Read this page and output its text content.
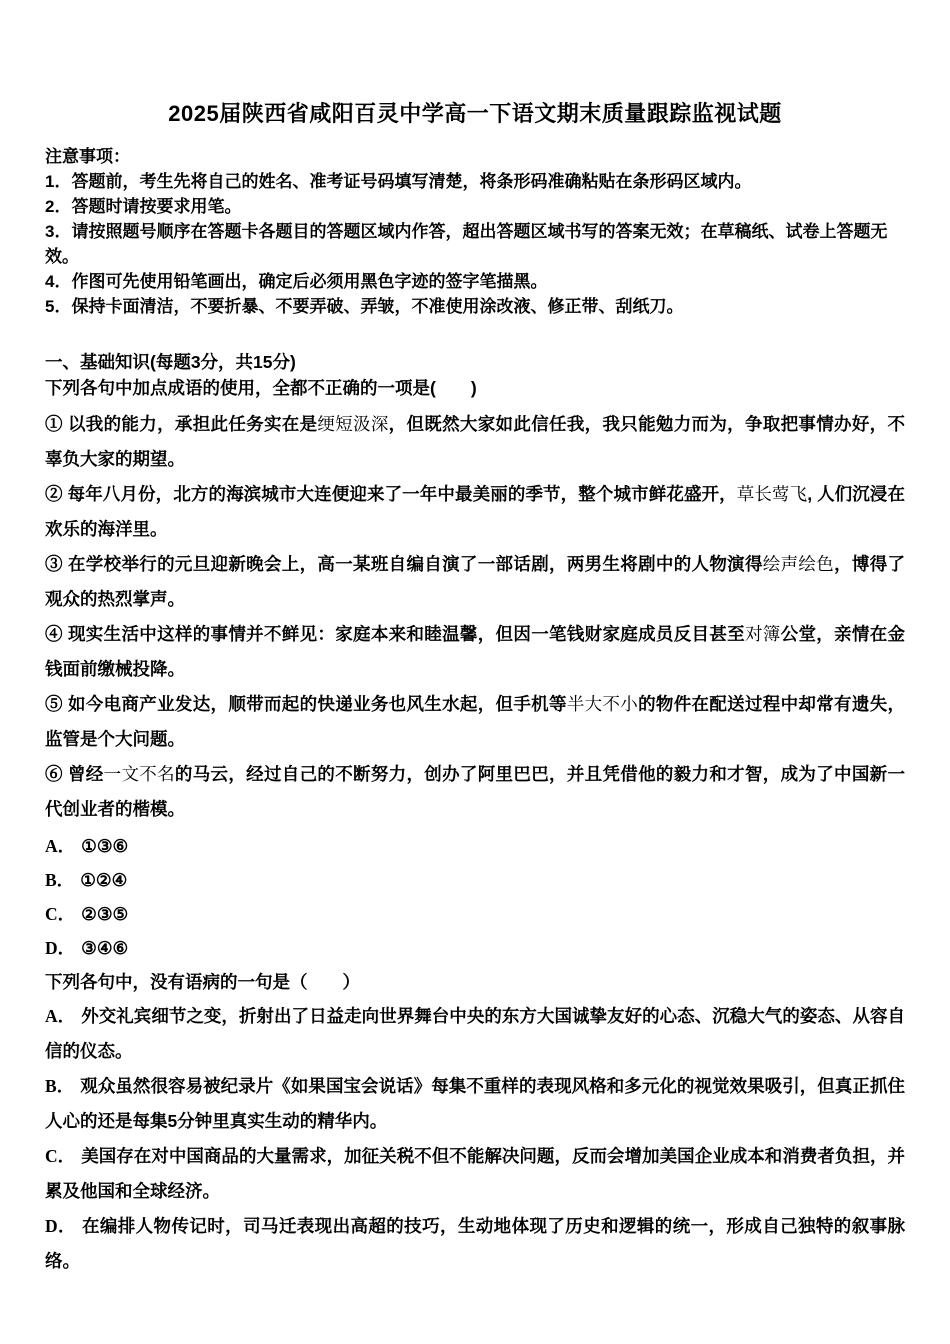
2025届陕西省咸阳百灵中学高一下语文期末质量跟踪监视试题

注意事项：

1．答题前，考生先将自己的姓名、准考证号码填写清楚，将条形码准确粘贴在条形码区域内。

2．答题时请按要求用笔。

3．请按照题号顺序在答题卡各题目的答题区域内作答，超出答题区域书写的答案无效；在草稿纸、试卷上答题无效。

4．作图可先使用铅笔画出，确定后必须用黑色字迹的签字笔描黑。

5．保持卡面清洁，不要折暴、不要弄破、弄皱，不准使用涂改液、修正带、刮纸刀。

一、基础知识(每题3分，共15分)

下列各句中加点成语的使用，全都不正确的一项是(　　)

① 以我的能力，承担此任务实在是绠短汲深，但既然大家如此信任我，我只能勉力而为，争取把事情办好，不辜负大家的期望。

② 每年八月份，北方的海滨城市大连便迎来了一年中最美丽的季节，整个城市鲜花盛开，草长莺飞, 人们沉浸在欢乐的海洋里。

③ 在学校举行的元旦迎新晚会上，高一某班自编自演了一部话剧，两男生将剧中的人物演得绘声绘色，博得了观众的热烈掌声。

④ 现实生活中这样的事情并不鲜见：家庭本来和睦温馨，但因一笔钱财家庭成员反目甚至对簿公堂，亲情在金钱面前缴械投降。

⑤ 如今电商产业发达，顺带而起的快递业务也风生水起，但手机等半大不小的物件在配送过程中却常有遗失，监管是个大问题。

⑥ 曾经一文不名的马云，经过自己的不断努力，创办了阿里巴巴，并且凭借他的毅力和才智，成为了中国新一代创业者的楷模。

A． ①③⑥

B． ①②④

C． ②③⑤

D． ③④⑥

下列各句中，没有语病的一句是（　　）

A． 外交礼宾细节之变，折射出了日益走向世界舞台中央的东方大国诚挚友好的心态、沉稳大气的姿态、从容自信的仪态。

B． 观众虽然很容易被纪录片《如果国宝会说话》每集不重样的表现风格和多元化的视觉效果吸引，但真正抓住人心的还是每集5分钟里真实生动的精华内。

C． 美国存在对中国商品的大量需求，加征关税不但不能解决问题，反而会增加美国企业成本和消费者负担，并累及他国和全球经济。

D． 在编排人物传记时，司马迁表现出高超的技巧，生动地体现了历史和逻辑的统一，形成自己独特的叙事脉络。
